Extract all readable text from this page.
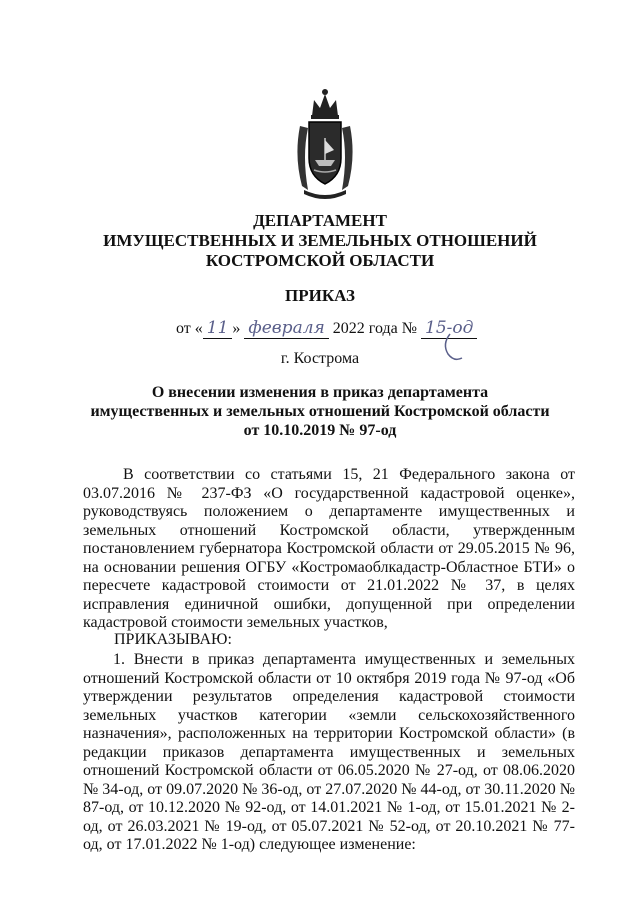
ДЕПАРТАМЕНТ
ИМУЩЕСТВЕННЫХ И ЗЕМЕЛЬНЫХ ОТНОШЕНИЙ
КОСТРОМСКОЙ ОБЛАСТИ
ПРИКАЗ
от « 11 » февраля 2022 года № 15-од
г. Кострома
О внесении изменения в приказ департамента
имущественных и земельных отношений Костромской области
от 10.10.2019 № 97-од
В соответствии со статьями 15, 21 Федерального закона от 03.07.2016 № 237-ФЗ «О государственной кадастровой оценке», руководствуясь положением о департаменте имущественных и земельных отношений Костромской области, утвержденным постановлением губернатора Костромской области от 29.05.2015 № 96, на основании решения ОГБУ «Костромаоблкадастр-Областное БТИ» о пересчете кадастровой стоимости от 21.01.2022 № 37, в целях исправления единичной ошибки, допущенной при определении кадастровой стоимости земельных участков,
ПРИКАЗЫВАЮ:
1. Внести в приказ департамента имущественных и земельных отношений Костромской области от 10 октября 2019 года № 97-од «Об утверждении результатов определения кадастровой стоимости земельных участков категории «земли сельскохозяйственного назначения», расположенных на территории Костромской области» (в редакции приказов департамента имущественных и земельных отношений Костромской области от 06.05.2020 № 27-од, от 08.06.2020 № 34-од, от 09.07.2020 № 36-од, от 27.07.2020 № 44-од, от 30.11.2020 № 87-од, от 10.12.2020 № 92-од, от 14.01.2021 № 1-од, от 15.01.2021 № 2-од, от 26.03.2021 № 19-од, от 05.07.2021 № 52-од, от 20.10.2021 № 77-од, от 17.01.2022 № 1-од) следующее изменение:
